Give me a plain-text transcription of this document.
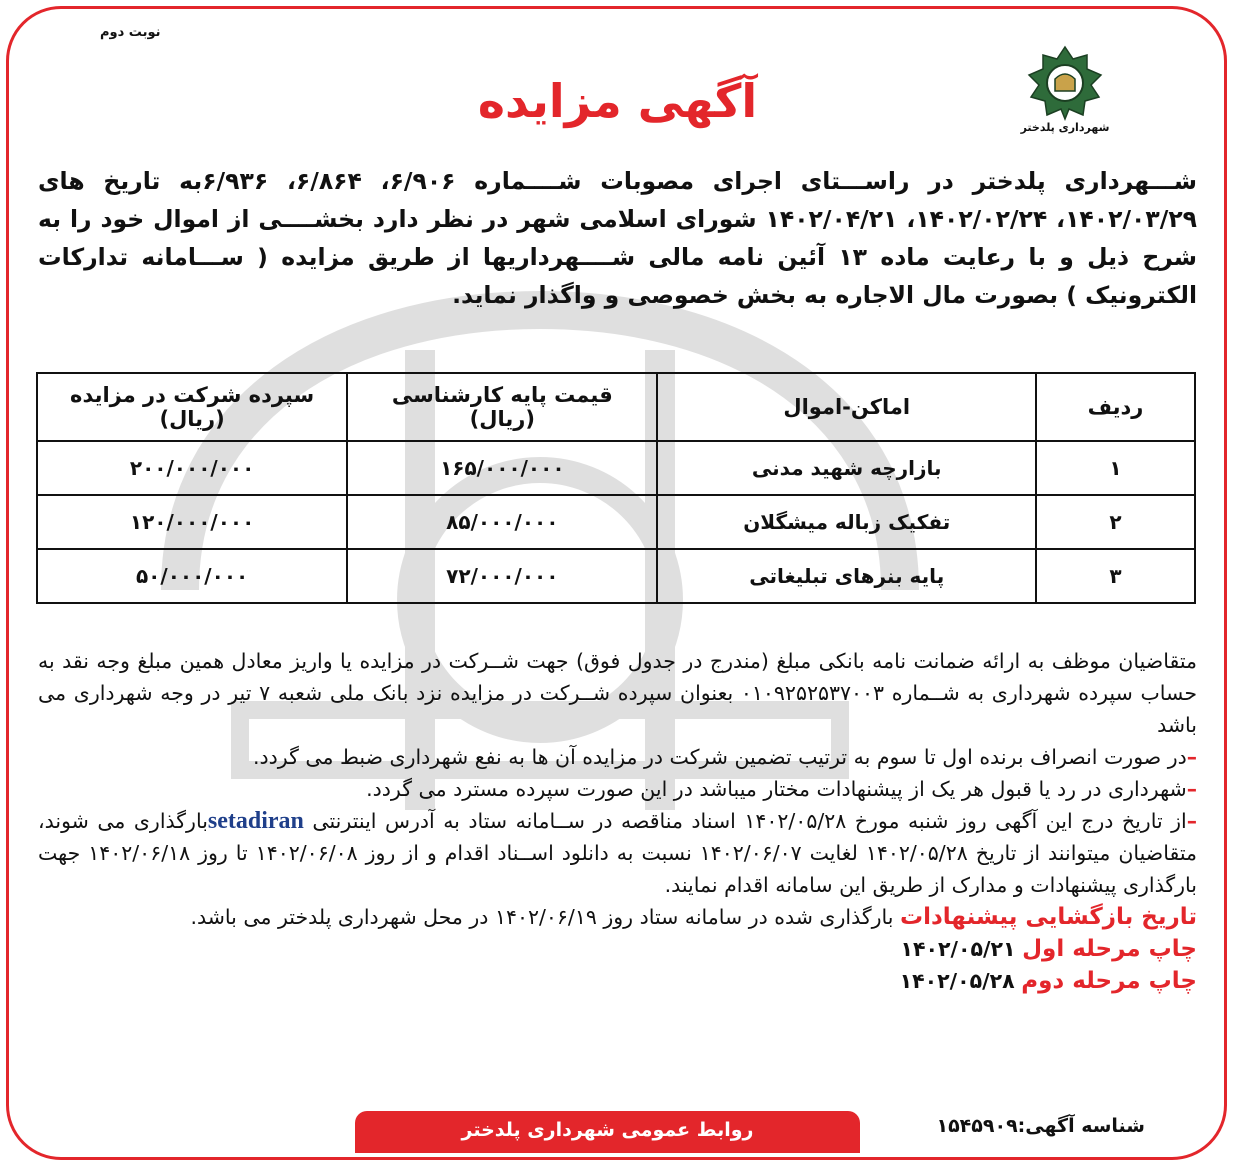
نوبت دوم
شهرداری پلدختر
آگهی مزایده
شـــهرداری پلدختر در راســـتای اجرای مصوبات شــــماره ۶/۹۰۶، ۶/۸۶۴، ۶/۹۳۶به تاریخ های ۱۴۰۲/۰۳/۲۹، ۱۴۰۲/۰۲/۲۴، ۱۴۰۲/۰۴/۲۱ شورای اسلامی شهر در نظر دارد بخشــــی از اموال خود را به شرح ذیل و با رعایت ماده ۱۳ آئین نامه مالی شــــهرداریها از طریق مزایده ( ســـامانه تدارکات الکترونیک ) بصورت مال الاجاره به بخش خصوصی و واگذار نماید.
ردیف	اماکن-اموال	قیمت پایه کارشناسی (ریال)	سپرده شرکت در مزایده (ریال)
۱	بازارچه شهید مدنی	۱۶۵/۰۰۰/۰۰۰	۲۰۰/۰۰۰/۰۰۰
۲	تفکیک زباله میشگلان	۸۵/۰۰۰/۰۰۰	۱۲۰/۰۰۰/۰۰۰
۳	پایه بنرهای تبلیغاتی	۷۲/۰۰۰/۰۰۰	۵۰/۰۰۰/۰۰۰

متقاضیان موظف به ارائه ضمانت نامه بانکی مبلغ (مندرج در جدول فوق) جهت شــرکت در مزایده یا واریز معادل همین مبلغ وجه نقد به حساب سپرده شهرداری به شــماره ۰۱۰۹۲۵۲۵۳۷۰۰۳ بعنوان سپرده شــرکت در مزایده نزد بانک ملی شعبه ۷ تیر در وجه شهرداری می باشد

–در صورت انصراف برنده اول تا سوم به ترتیب تضمین شرکت در مزایده آن ها به نفع شهرداری ضبط می گردد.

–شهرداری در رد یا قبول هر یک از پیشنهادات مختار میباشد در این صورت سپرده مسترد می گردد.

–از تاریخ درج این آگهی روز شنبه مورخ ۱۴۰۲/۰۵/۲۸ اسناد مناقصه در ســامانه ستاد به آدرس اینترنتی setadiranبارگذاری می شوند، متقاضیان میتوانند از تاریخ ۱۴۰۲/۰۵/۲۸ لغایت ۱۴۰۲/۰۶/۰۷ نسبت به دانلود اســناد اقدام و از روز ۱۴۰۲/۰۶/۰۸ تا روز ۱۴۰۲/۰۶/۱۸ جهت بارگذاری پیشنهادات و مدارک از طریق این سامانه اقدام نمایند.

تاریخ بازگشایی پیشنهادات بارگذاری شده در سامانه ستاد روز ۱۴۰۲/۰۶/۱۹ در محل شهرداری پلدختر می باشد.

چاپ مرحله اول ۱۴۰۲/۰۵/۲۱

چاپ مرحله دوم ۱۴۰۲/۰۵/۲۸

روابط عمومی شهرداری پلدختر	شناسه آگهی:۱۵۴۵۹۰۹
